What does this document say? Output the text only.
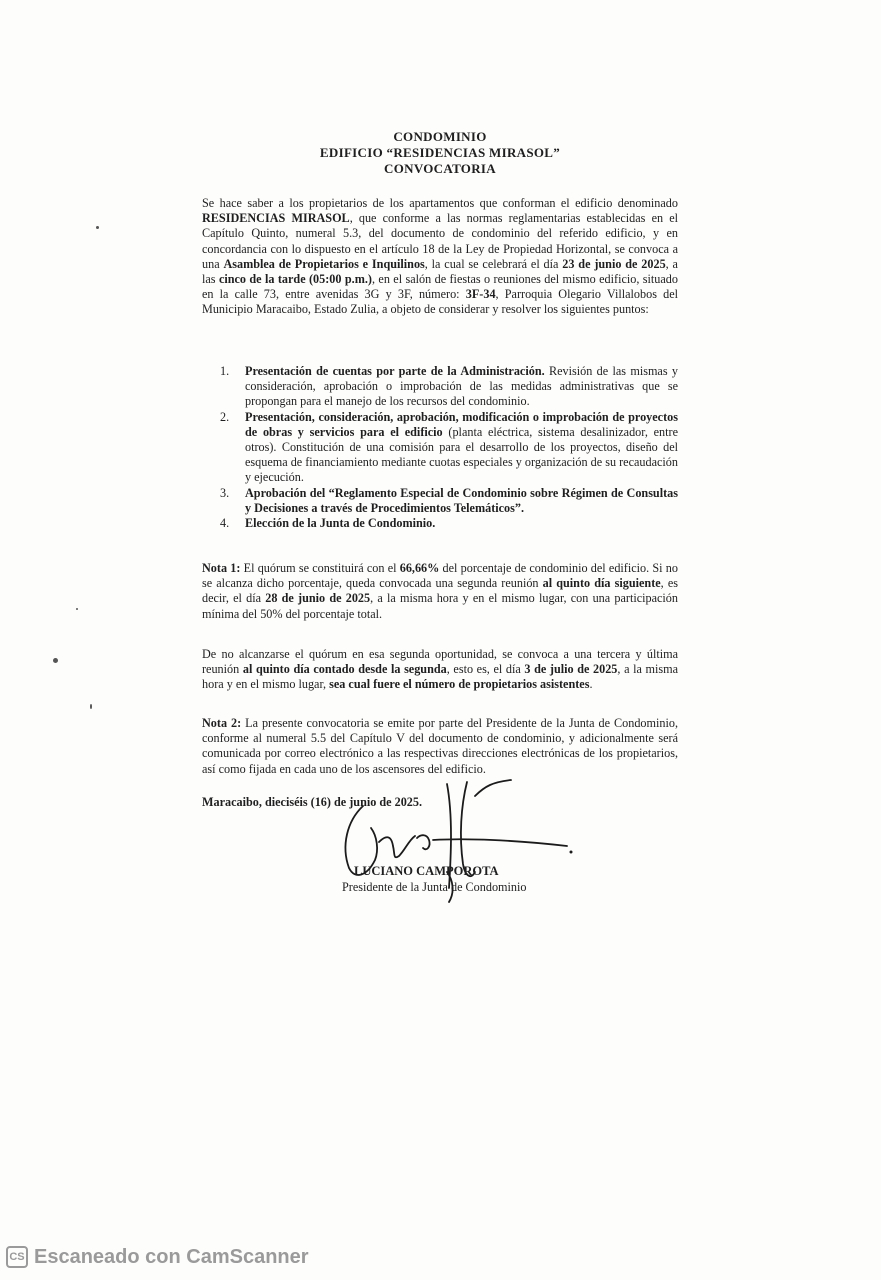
CONDOMINIO
EDIFICIO “RESIDENCIAS MIRASOL”
CONVOCATORIA

Se hace saber a los propietarios de los apartamentos que conforman el edificio denominado RESIDENCIAS MIRASOL, que conforme a las normas reglamentarias establecidas en el Capítulo Quinto, numeral 5.3, del documento de condominio del referido edificio, y en concordancia con lo dispuesto en el artículo 18 de la Ley de Propiedad Horizontal, se convoca a una Asamblea de Propietarios e Inquilinos, la cual se celebrará el día 23 de junio de 2025, a las cinco de la tarde (05:00 p.m.), en el salón de fiestas o reuniones del mismo edificio, situado en la calle 73, entre avenidas 3G y 3F, número: 3F-34, Parroquia Olegario Villalobos del Municipio Maracaibo, Estado Zulia, a objeto de considerar y resolver los siguientes puntos:

1. Presentación de cuentas por parte de la Administración. Revisión de las mismas y consideración, aprobación o improbación de las medidas administrativas que se propongan para el manejo de los recursos del condominio.
2. Presentación, consideración, aprobación, modificación o improbación de proyectos de obras y servicios para el edificio (planta eléctrica, sistema desalinizador, entre otros). Constitución de una comisión para el desarrollo de los proyectos, diseño del esquema de financiamiento mediante cuotas especiales y organización de su recaudación y ejecución.
3. Aprobación del “Reglamento Especial de Condominio sobre Régimen de Consultas y Decisiones a través de Procedimientos Telemáticos”.
4. Elección de la Junta de Condominio.

Nota 1: El quórum se constituirá con el 66,66% del porcentaje de condominio del edificio. Si no se alcanza dicho porcentaje, queda convocada una segunda reunión al quinto día siguiente, es decir, el día 28 de junio de 2025, a la misma hora y en el mismo lugar, con una participación mínima del 50% del porcentaje total.

De no alcanzarse el quórum en esa segunda oportunidad, se convoca a una tercera y última reunión al quinto día contado desde la segunda, esto es, el día 3 de julio de 2025, a la misma hora y en el mismo lugar, sea cual fuere el número de propietarios asistentes.

Nota 2: La presente convocatoria se emite por parte del Presidente de la Junta de Condominio, conforme al numeral 5.5 del Capítulo V del documento de condominio, y adicionalmente será comunicada por correo electrónico a las respectivas direcciones electrónicas de los propietarios, así como fijada en cada uno de los ascensores del edificio.

Maracaibo, dieciséis (16) de junio de 2025.
LUCIANO CAMPOROTA
Presidente de la Junta de Condominio
CS Escaneado con CamScanner
